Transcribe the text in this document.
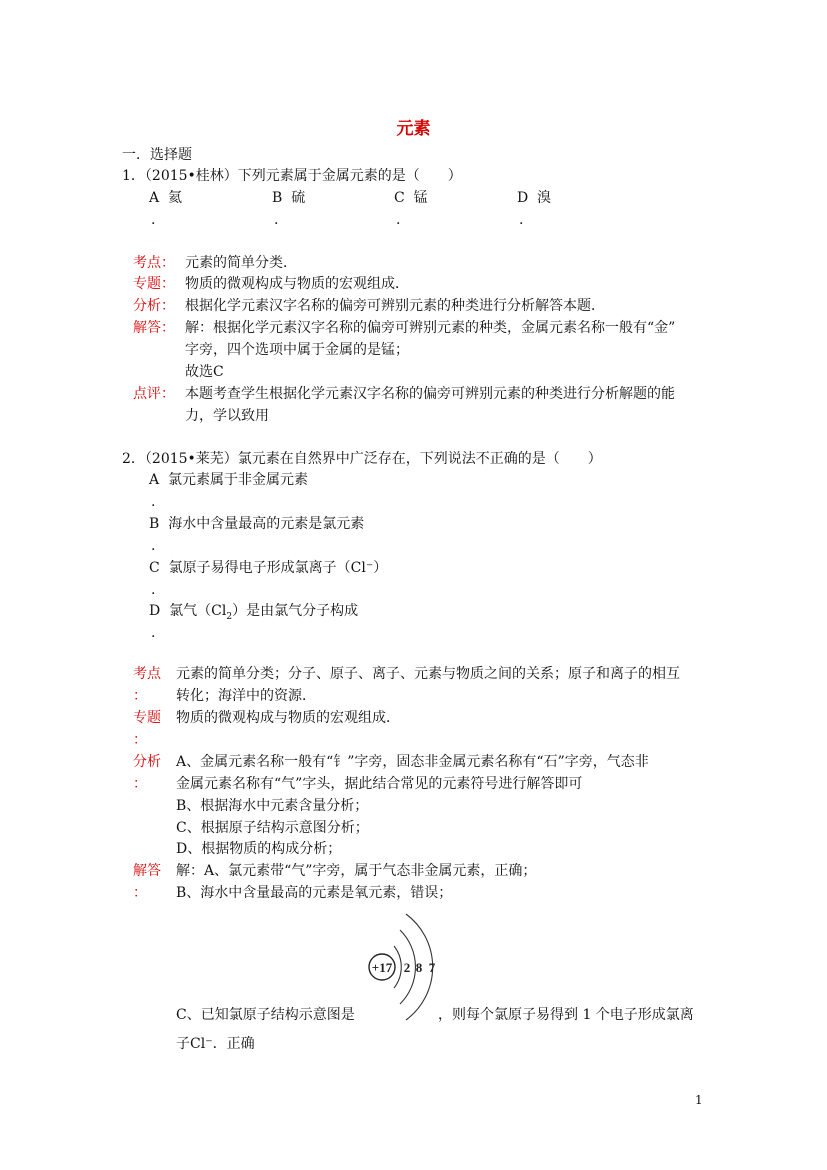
元素
一．选择题
1．（2015•桂林）下列元素属于金属元素的是（　　）
A 氦	B 硫	C 锰	D 溴
.	.	.	.
考点： 元素的简单分类．
专题： 物质的微观构成与物质的宏观组成．
分析： 根据化学元素汉字名称的偏旁可辨别元素的种类进行分析解答本题．
解答： 解：根据化学元素汉字名称的偏旁可辨别元素的种类，金属元素名称一般有“金”
字旁，四个选项中属于金属的是锰；
故选C
点评： 本题考查学生根据化学元素汉字名称的偏旁可辨别元素的种类进行分析解题的能
力，学以致用
2．（2015•莱芜）氯元素在自然界中广泛存在，下列说法不正确的是（　　）
A 氯元素属于非金属元素
.
B 海水中含量最高的元素是氯元素
.
C 氯原子易得电子形成氯离子（Cl⁻）
.
D 氯气$(Cl_2)$是由氯气分子构成
.
考点
：
元素的简单分类；分子、原子、离子、元素与物质之间的关系；原子和离子的相互
转化；海洋中的资源．
专题
：
物质的微观构成与物质的宏观组成．
分析
：
A、金属元素名称一般有“钅”字旁，固态非金属元素名称有“石”字旁，气态非
金属元素名称有“气”字头，据此结合常见的元素符号进行解答即可
B、根据海水中元素含量分析；
C、根据原子结构示意图分析；
D、根据物质的构成分析；
解答
：
解：A、氯元素带“气”字旁，属于气态非金属元素，正确；
B、海水中含量最高的元素是氧元素，错误；
+17 2 8 7
C、已知氯原子结构示意图是	，则每个氯原子易得到 1 个电子形成氯离
子Cl⁻．正确
1
